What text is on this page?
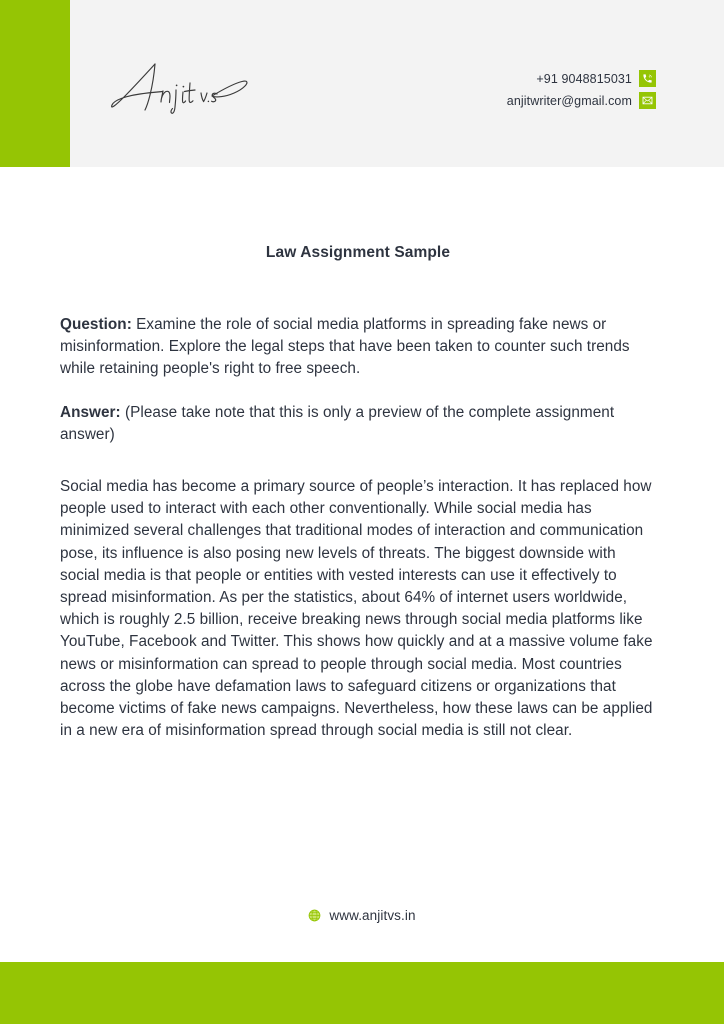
+91 9048815031
anjitwriter@gmail.com
Law Assignment Sample

Question: Examine the role of social media platforms in spreading fake news or misinformation. Explore the legal steps that have been taken to counter such trends while retaining people's right to free speech.

Answer: (Please take note that this is only a preview of the complete assignment answer)

Social media has become a primary source of people’s interaction. It has replaced how people used to interact with each other conventionally. While social media has minimized several challenges that traditional modes of interaction and communication pose, its influence is also posing new levels of threats. The biggest downside with social media is that people or entities with vested interests can use it effectively to spread misinformation. As per the statistics, about 64% of internet users worldwide, which is roughly 2.5 billion, receive breaking news through social media platforms like YouTube, Facebook and Twitter. This shows how quickly and at a massive volume fake news or misinformation can spread to people through social media. Most countries across the globe have defamation laws to safeguard citizens or organizations that become victims of fake news campaigns. Nevertheless, how these laws can be applied in a new era of misinformation spread through social media is still not clear.

www.anjitvs.in
